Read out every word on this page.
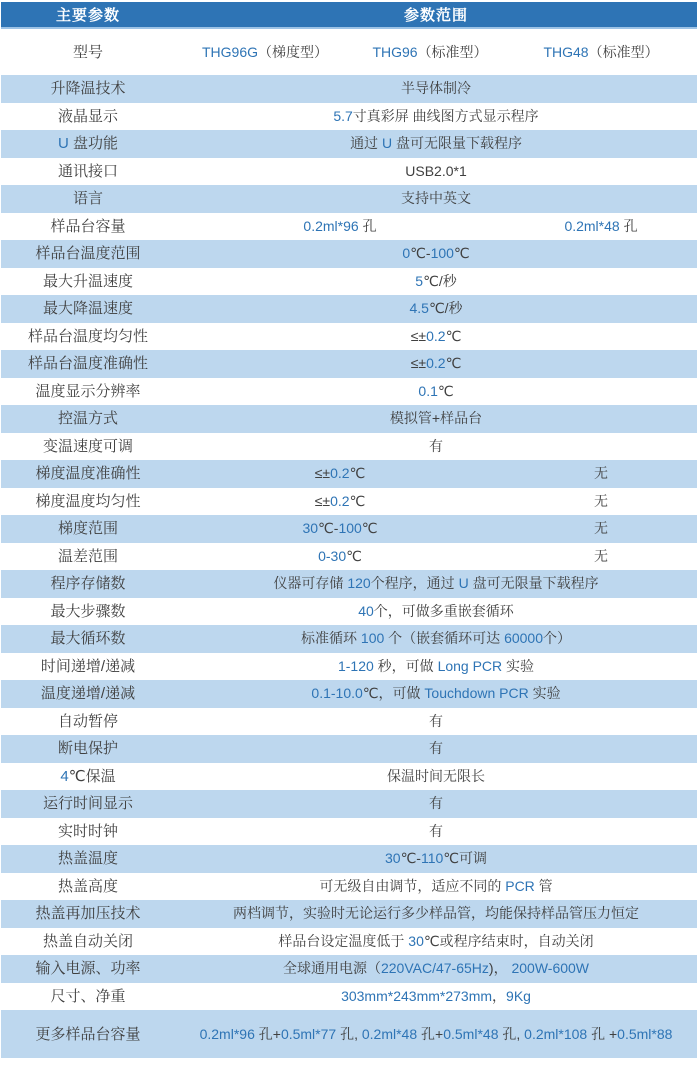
主要参数	参数范围		
型号	THG96G（梯度型）	THG96（标准型）	THG48（标准型）
升降温技术	半导体制冷		
液晶显示	5.7寸真彩屏 曲线图方式显示程序		
U 盘功能	通过 U 盘可无限量下载程序		
通讯接口	USB2.0*1		
语言	支持中英文		
样品台容量	0.2ml*96 孔		0.2ml*48 孔
样品台温度范围	0℃-100℃		
最大升温速度	5℃/秒		
最大降温速度	4.5℃/秒		
样品台温度均匀性	≤±0.2℃		
样品台温度准确性	≤±0.2℃		
温度显示分辨率	0.1℃		
控温方式	模拟管+样品台		
变温速度可调	有		
梯度温度准确性	≤±0.2℃		无
梯度温度均匀性	≤±0.2℃		无
梯度范围	30℃-100℃		无
温差范围	0-30℃		无
程序存储数	仪器可存储 120个程序，通过 U 盘可无限量下载程序		
最大步骤数	40个，可做多重嵌套循环		
最大循环数	标准循环 100 个（嵌套循环可达 60000个）		
时间递增/递减	1-120 秒，可做 Long PCR 实验		
温度递增/递减	0.1-10.0℃，可做 Touchdown PCR 实验		
自动暂停	有		
断电保护	有		
4℃保温	保温时间无限长		
运行时间显示	有		
实时时钟	有		
热盖温度	30℃-110℃可调		
热盖高度	可无级自由调节，适应不同的 PCR 管		
热盖再加压技术	两档调节，实验时无论运行多少样品管，均能保持样品管压力恒定		
热盖自动关闭	样品台设定温度低于 30℃或程序结束时，自动关闭		
输入电源、功率	全球通用电源（220VAC/47-65Hz)， 200W-600W		
尺寸、净重	303mm*243mm*273mm，9Kg		
更多样品台容量	0.2ml*96 孔+0.5ml*77 孔, 0.2ml*48 孔+0.5ml*48 孔, 0.2ml*108 孔 +0.5ml*88		
